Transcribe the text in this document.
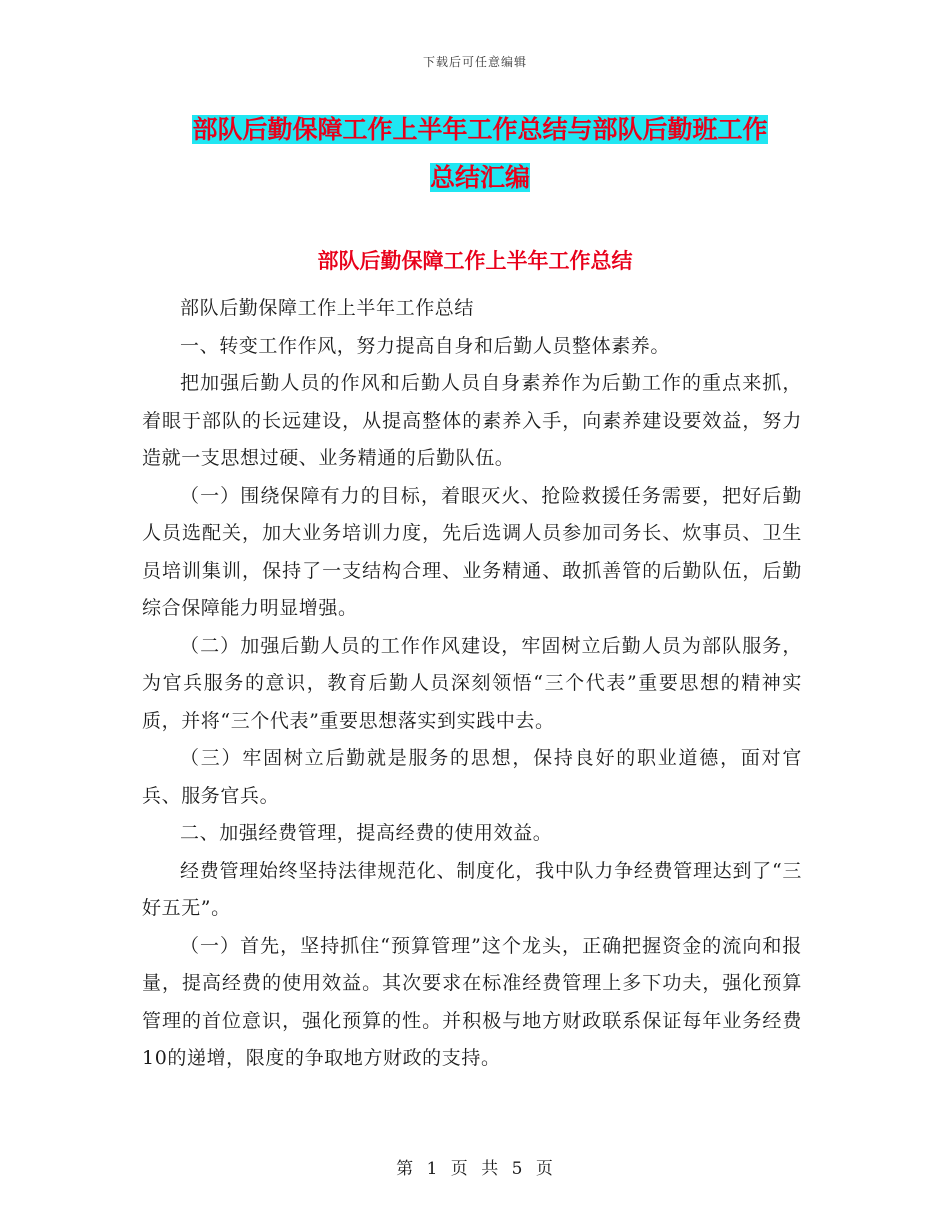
下载后可任意编辑
部队后勤保障工作上半年工作总结与部队后勤班工作
总结汇编
部队后勤保障工作上半年工作总结

部队后勤保障工作上半年工作总结

一、转变工作作风，努力提高自身和后勤人员整体素养。

把加强后勤人员的作风和后勤人员自身素养作为后勤工作的重点来抓，着眼于部队的长远建设，从提高整体的素养入手，向素养建设要效益，努力造就一支思想过硬、业务精通的后勤队伍。

（一）围绕保障有力的目标，着眼灭火、抢险救援任务需要，把好后勤人员选配关，加大业务培训力度，先后选调人员参加司务长、炊事员、卫生员培训集训，保持了一支结构合理、业务精通、敢抓善管的后勤队伍，后勤综合保障能力明显增强。

（二）加强后勤人员的工作作风建设，牢固树立后勤人员为部队服务，为官兵服务的意识，教育后勤人员深刻领悟“三个代表”重要思想的精神实质，并将“三个代表”重要思想落实到实践中去。

（三）牢固树立后勤就是服务的思想，保持良好的职业道德，面对官兵、服务官兵。

二、加强经费管理，提高经费的使用效益。

经费管理始终坚持法律规范化、制度化，我中队力争经费管理达到了“三好五无”。

（一）首先，坚持抓住“预算管理”这个龙头，正确把握资金的流向和报量，提高经费的使用效益。其次要求在标准经费管理上多下功夫，强化预算管理的首位意识，强化预算的性。并积极与地方财政联系保证每年业务经费10的递增，限度的争取地方财政的支持。

第 1 页 共 5 页
